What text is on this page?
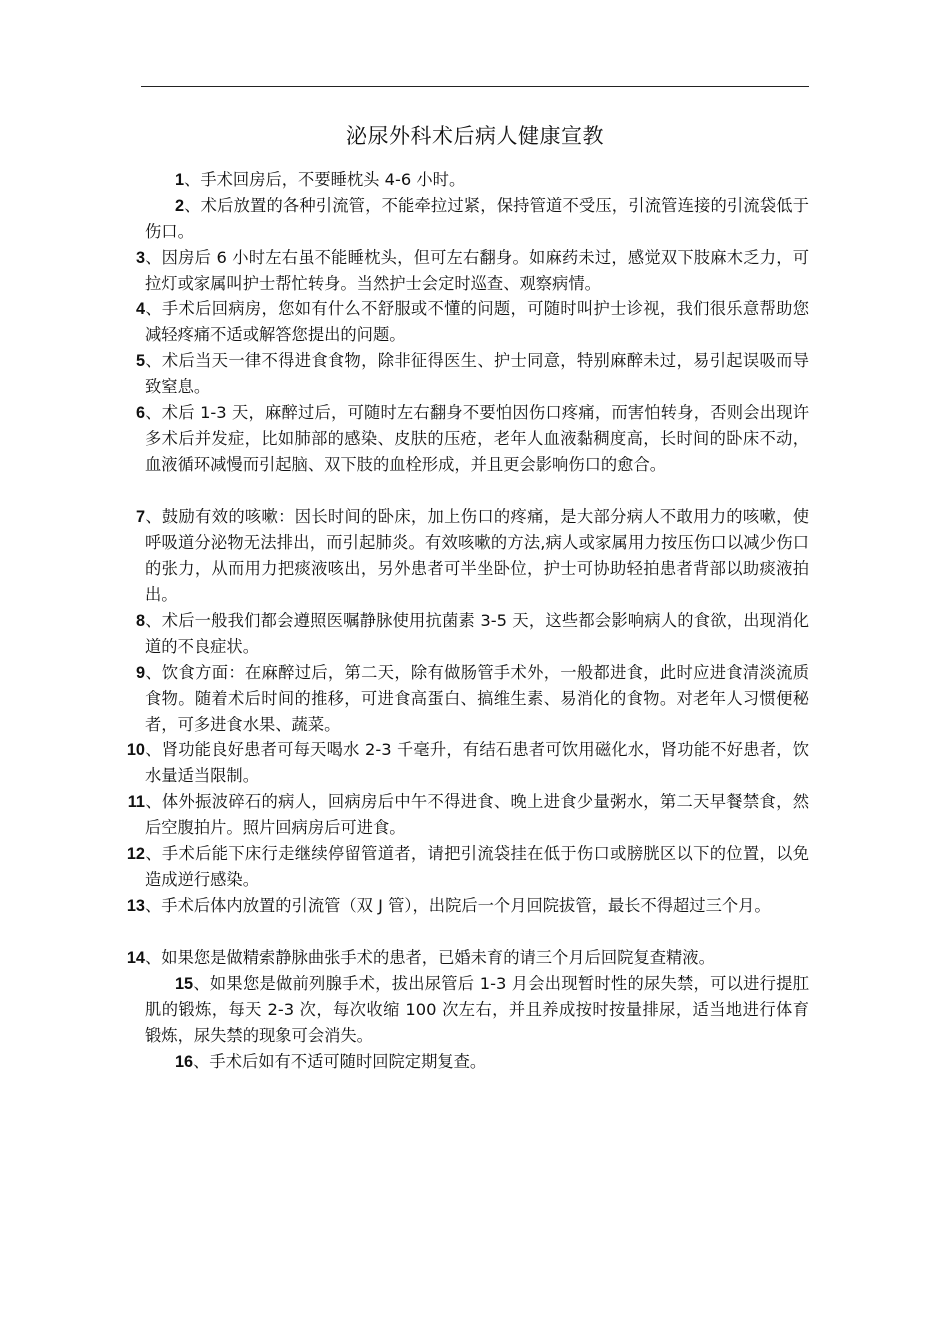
泌尿外科术后病人健康宣教
1、手术回房后，不要睡枕头 4-6 小时。
2、术后放置的各种引流管，不能牵拉过紧，保持管道不受压，引流管连接的引流袋低于伤口。
3、因房后 6 小时左右虽不能睡枕头，但可左右翻身。如麻药未过，感觉双下肢麻木乏力，可拉灯或家属叫护士帮忙转身。当然护士会定时巡查、观察病情。
4、手术后回病房，您如有什么不舒服或不懂的问题，可随时叫护士诊视，我们很乐意帮助您减轻疼痛不适或解答您提出的问题。
5、术后当天一律不得进食食物，除非征得医生、护士同意，特别麻醉未过，易引起误吸而导致窒息。
6、术后 1-3 天，麻醉过后，可随时左右翻身不要怕因伤口疼痛，而害怕转身，否则会出现许多术后并发症，比如肺部的感染、皮肤的压疮，老年人血液黏稠度高，长时间的卧床不动，血液循环减慢而引起脑、双下肢的血栓形成，并且更会影响伤口的愈合。
7、鼓励有效的咳嗽：因长时间的卧床，加上伤口的疼痛，是大部分病人不敢用力的咳嗽，使呼吸道分泌物无法排出，而引起肺炎。有效咳嗽的方法,病人或家属用力按压伤口以减少伤口的张力，从而用力把痰液咳出，另外患者可半坐卧位，护士可协助轻拍患者背部以助痰液拍出。
8、术后一般我们都会遵照医嘱静脉使用抗菌素 3-5 天，这些都会影响病人的食欲，出现消化道的不良症状。
9、饮食方面：在麻醉过后，第二天，除有做肠管手术外，一般都进食，此时应进食清淡流质食物。随着术后时间的推移，可进食高蛋白、搞维生素、易消化的食物。对老年人习惯便秘者，可多进食水果、蔬菜。
10、肾功能良好患者可每天喝水 2-3 千毫升，有结石患者可饮用磁化水，肾功能不好患者，饮水量适当限制。
11、体外振波碎石的病人，回病房后中午不得进食、晚上进食少量粥水，第二天早餐禁食，然后空腹拍片。照片回病房后可进食。
12、手术后能下床行走继续停留管道者，请把引流袋挂在低于伤口或膀胱区以下的位置，以免造成逆行感染。
13、手术后体内放置的引流管（双 J 管），出院后一个月回院拔管，最长不得超过三个月。
14、如果您是做精索静脉曲张手术的患者，已婚未育的请三个月后回院复查精液。
15、如果您是做前列腺手术，拔出尿管后 1-3 月会出现暂时性的尿失禁，可以进行提肛肌的锻炼，每天 2-3 次，每次收缩 100 次左右，并且养成按时按量排尿，适当地进行体育锻炼，尿失禁的现象可会消失。
16、手术后如有不适可随时回院定期复查。
